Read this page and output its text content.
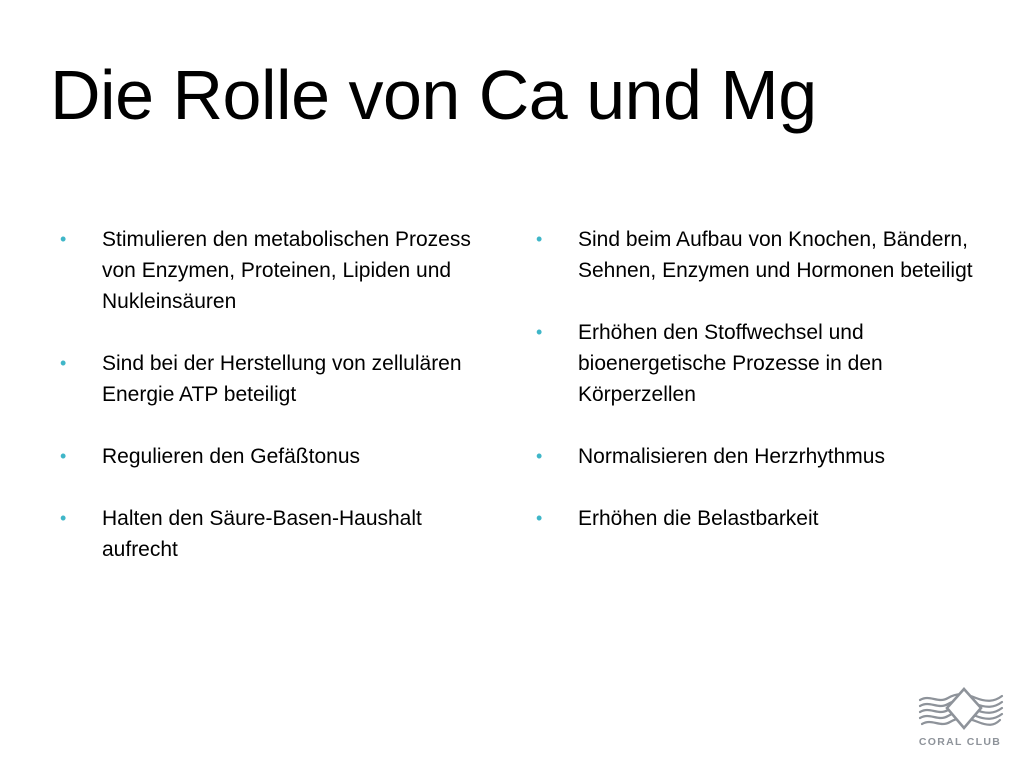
Die Rolle von Ca und Mg
• Stimulieren den metabolischen Prozess von Enzymen, Proteinen, Lipiden und Nukleinsäuren
• Sind bei der Herstellung von zellulären Energie ATP beteiligt
• Regulieren den Gefäßtonus
• Halten den Säure-Basen-Haushalt aufrecht
• Sind beim Aufbau von Knochen, Bändern, Sehnen, Enzymen und Hormonen beteiligt
• Erhöhen den Stoffwechsel und bioenergetische Prozesse in den Körperzellen
• Normalisieren den Herzrhythmus
• Erhöhen die Belastbarkeit
CORAL CLUB
